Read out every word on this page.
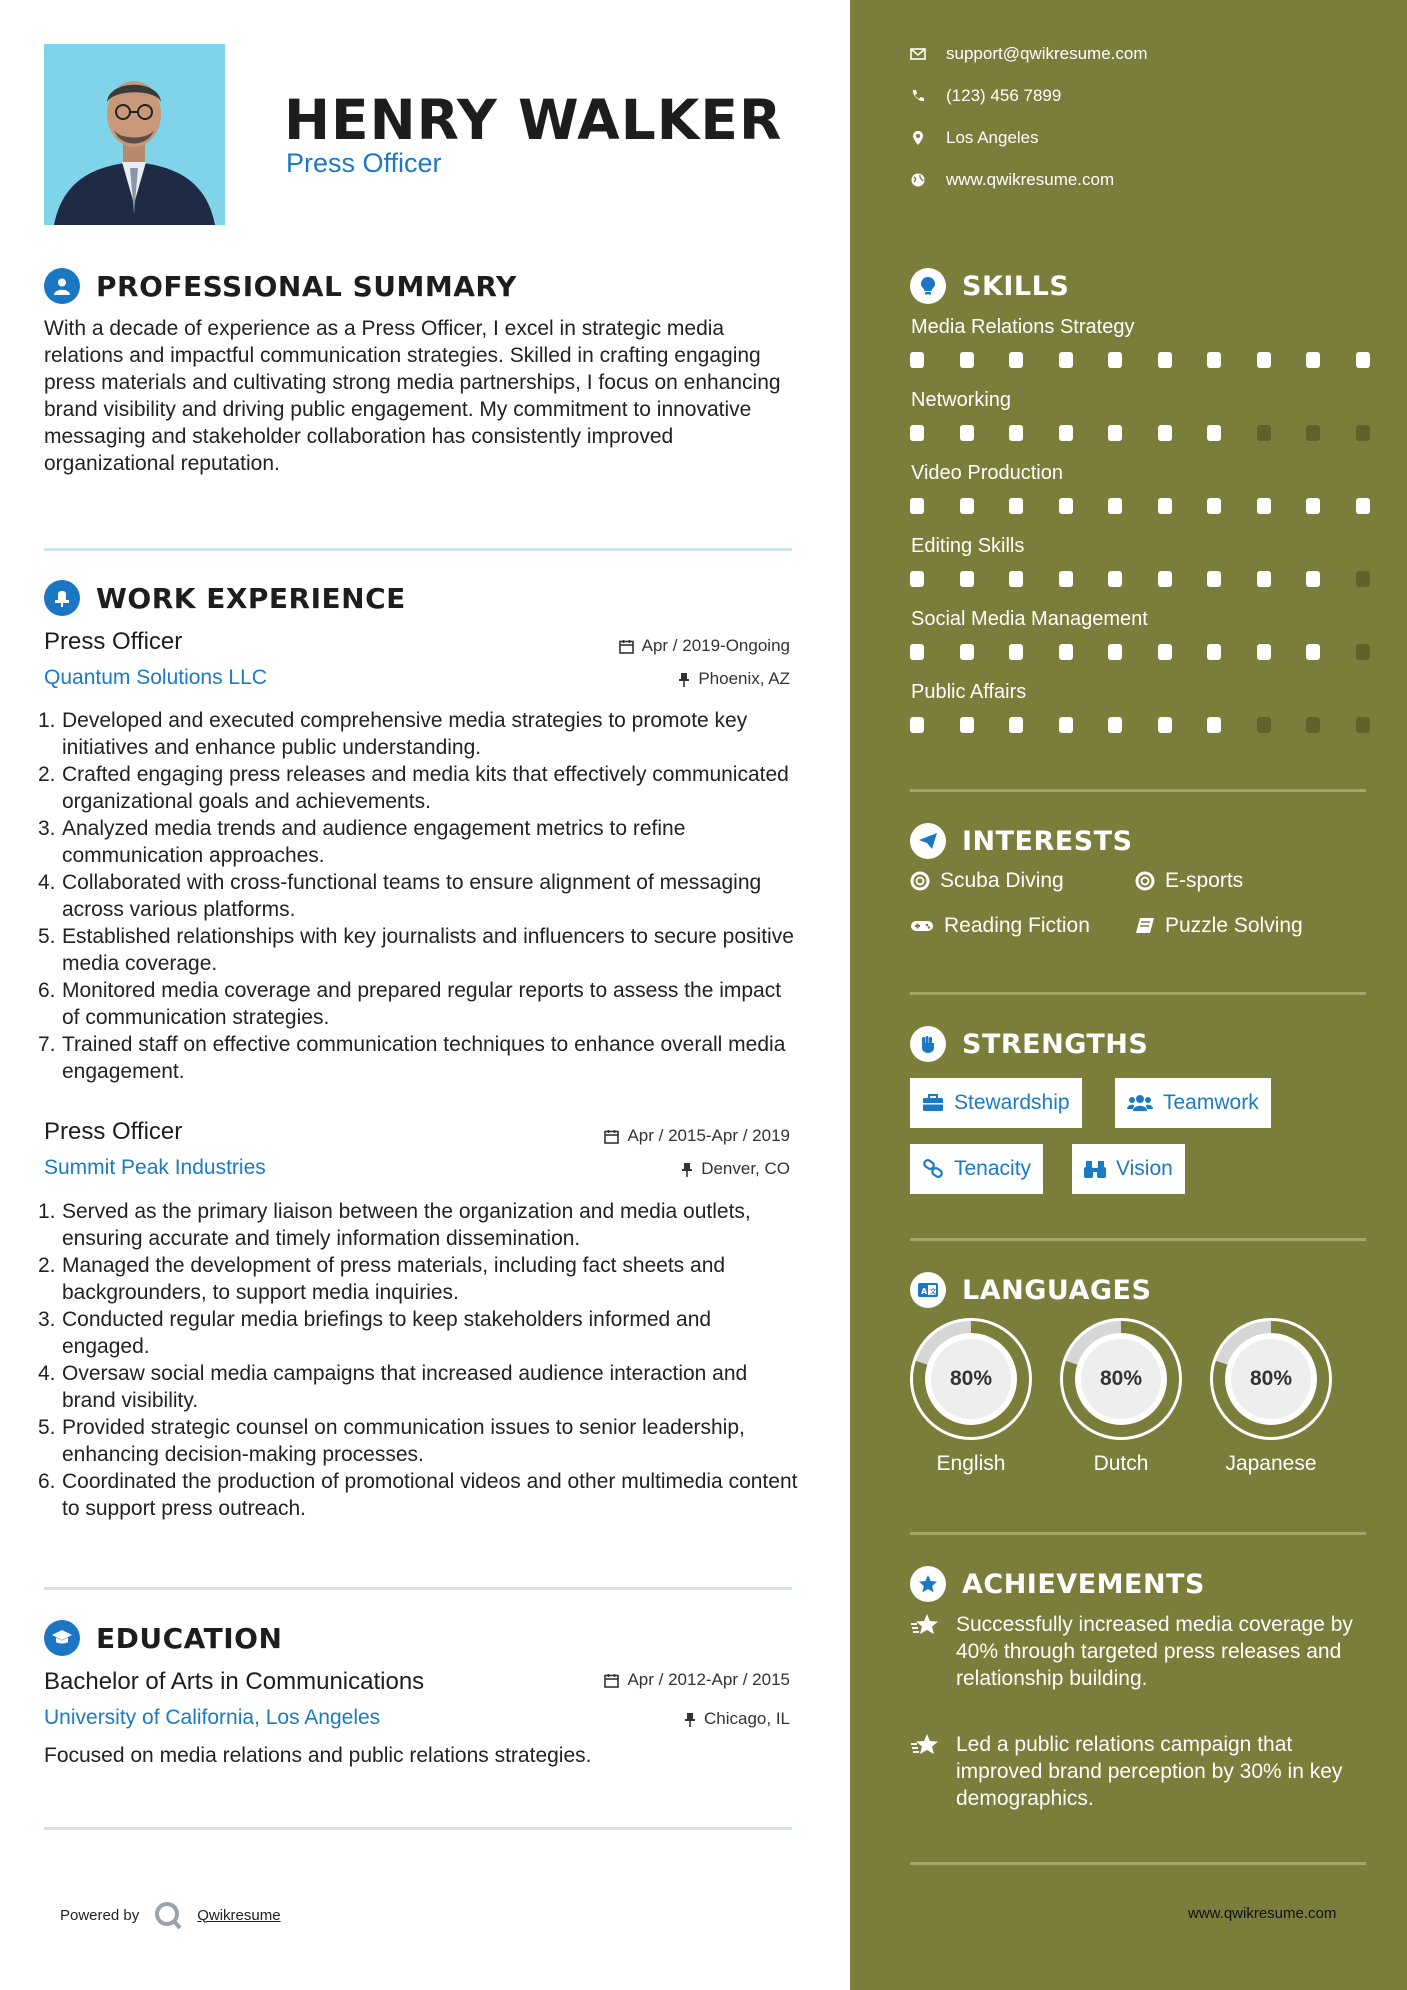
HENRY WALKER
Press Officer
PROFESSIONAL SUMMARY
With a decade of experience as a Press Officer, I excel in strategic media relations and impactful communication strategies. Skilled in crafting engaging press materials and cultivating strong media partnerships, I focus on enhancing brand visibility and driving public engagement. My commitment to innovative messaging and stakeholder collaboration has consistently improved organizational reputation.
WORK EXPERIENCE
Press Officer
Quantum Solutions LLC
Apr / 2019-Ongoing
Phoenix, AZ
1. Developed and executed comprehensive media strategies to promote key initiatives and enhance public understanding.
2. Crafted engaging press releases and media kits that effectively communicated organizational goals and achievements.
3. Analyzed media trends and audience engagement metrics to refine communication approaches.
4. Collaborated with cross-functional teams to ensure alignment of messaging across various platforms.
5. Established relationships with key journalists and influencers to secure positive media coverage.
6. Monitored media coverage and prepared regular reports to assess the impact of communication strategies.
7. Trained staff on effective communication techniques to enhance overall media engagement.
Press Officer
Summit Peak Industries
Apr / 2015-Apr / 2019
Denver, CO
1. Served as the primary liaison between the organization and media outlets, ensuring accurate and timely information dissemination.
2. Managed the development of press materials, including fact sheets and backgrounders, to support media inquiries.
3. Conducted regular media briefings to keep stakeholders informed and engaged.
4. Oversaw social media campaigns that increased audience interaction and brand visibility.
5. Provided strategic counsel on communication issues to senior leadership, enhancing decision-making processes.
6. Coordinated the production of promotional videos and other multimedia content to support press outreach.
EDUCATION
Bachelor of Arts in Communications
University of California, Los Angeles
Apr / 2012-Apr / 2015
Chicago, IL
Focused on media relations and public relations strategies.
Powered by	Qwikresume
support@qwikresume.com
(123) 456 7899
Los Angeles
www.qwikresume.com
SKILLS
Media Relations Strategy
Networking
Video Production
Editing Skills
Social Media Management
Public Affairs
INTERESTS
Scuba Diving	E-sports
Reading Fiction	Puzzle Solving
STRENGTHS
Stewardship	Teamwork
Tenacity	Vision
A 文 LANGUAGES
80%
English
80%
Dutch
80%
Japanese
ACHIEVEMENTS
Successfully increased media coverage by 40% through targeted press releases and relationship building.
Led a public relations campaign that improved brand perception by 30% in key demographics.
www.qwikresume.com
